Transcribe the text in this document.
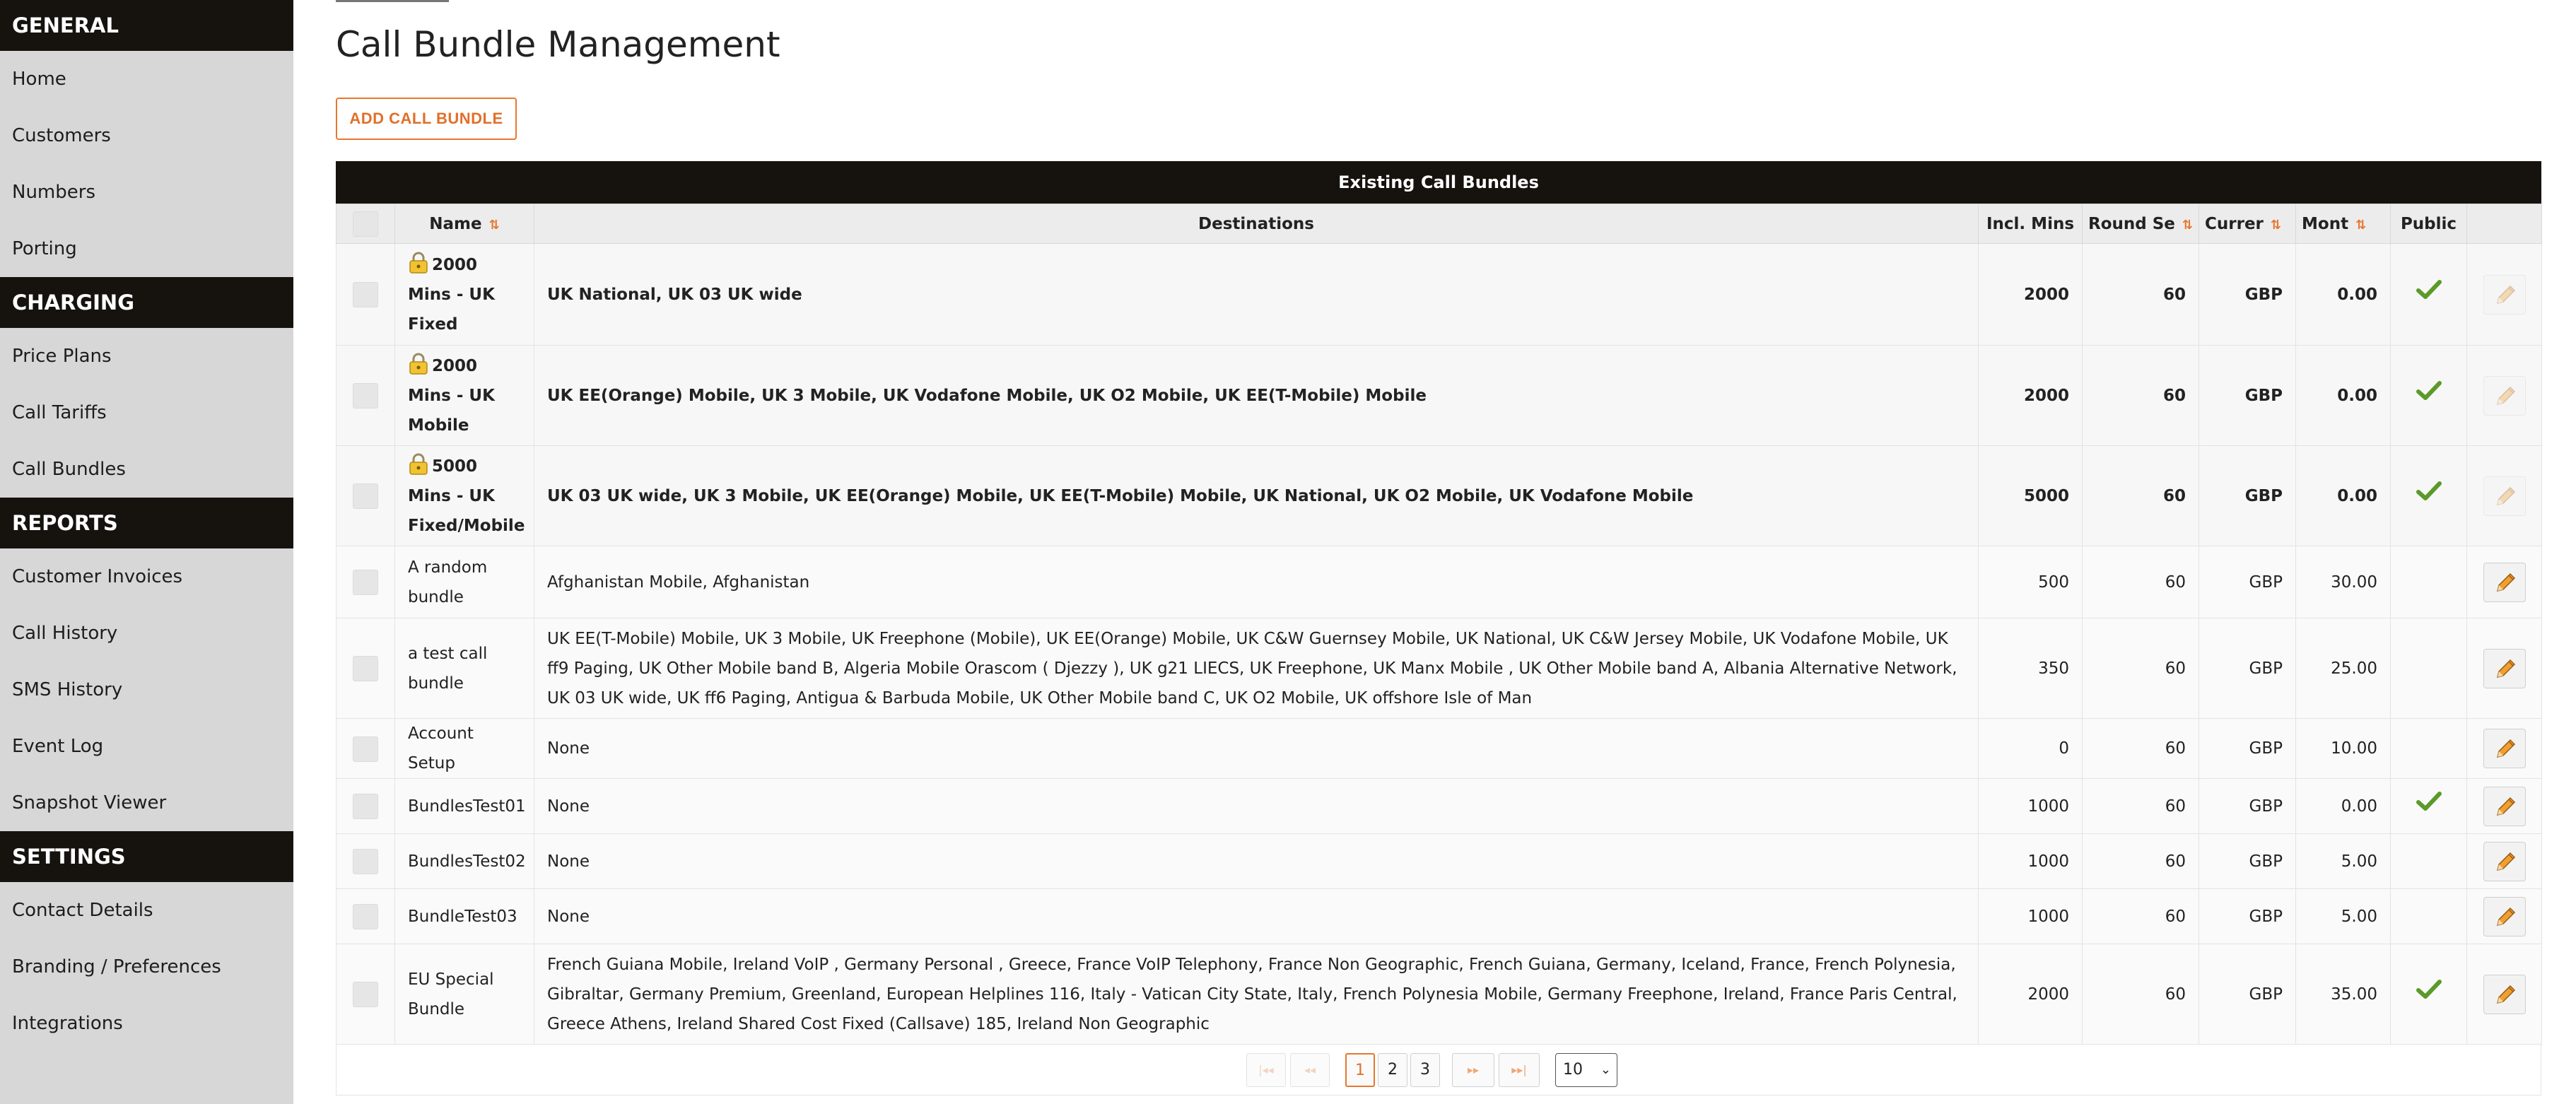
GENERAL
Home
Customers
Numbers
Porting
CHARGING
Price Plans
Call Tariffs
Call Bundles
REPORTS
Customer Invoices
Call History
SMS History
Event Log
Snapshot Viewer
SETTINGS
Contact Details
Branding / Preferences
Integrations
Call Bundle Management
ADD CALL BUNDLE
Existing Call Bundles
	Name ⇅	Destinations	Incl. Mins	Round Se ⇅	Currer ⇅	Mont ⇅	Public	
	2000 Mins - UK Fixed	UK National, UK 03 UK wide	2000	60	GBP	0.00		

	2000 Mins - UK Mobile	UK EE(Orange) Mobile, UK 3 Mobile, UK Vodafone Mobile, UK O2 Mobile, UK EE(T-Mobile) Mobile	2000	60	GBP	0.00		

	5000 Mins - UK Fixed/Mobile	UK 03 UK wide, UK 3 Mobile, UK EE(Orange) Mobile, UK EE(T-Mobile) Mobile, UK National, UK O2 Mobile, UK Vodafone Mobile	5000	60	GBP	0.00		

	A random bundle	Afghanistan Mobile, Afghanistan	500	60	GBP	30.00		

	a test call bundle	UK EE(T-Mobile) Mobile, UK 3 Mobile, UK Freephone (Mobile), UK EE(Orange) Mobile, UK C&W Guernsey Mobile, UK National, UK C&W Jersey Mobile, UK Vodafone Mobile, UK ff9 Paging, UK Other Mobile band B, Algeria Mobile Orascom ( Djezzy ), UK g21 LIECS, UK Freephone, UK Manx Mobile , UK Other Mobile band A, Albania Alternative Network, UK 03 UK wide, UK ff6 Paging, Antigua & Barbuda Mobile, UK Other Mobile band C, UK O2 Mobile, UK offshore Isle of Man	350	60	GBP	25.00		

	Account Setup	None	0	60	GBP	10.00		

	BundlesTest01	None	1000	60	GBP	0.00		

	BundlesTest02	None	1000	60	GBP	5.00		

	BundleTest03	None	1000	60	GBP	5.00		

	EU Special Bundle	French Guiana Mobile, Ireland VoIP , Germany Personal , Greece, France VoIP Telephony, France Non Geographic, French Guiana, Germany, Iceland, France, French Polynesia, Gibraltar, Germany Premium, Greenland, European Helplines 116, Italy - Vatican City State, Italy, French Polynesia Mobile, Germany Freephone, Ireland, France Paris Central, Greece Athens, Ireland Shared Cost Fixed (Callsave) 185, Ireland Non Geographic	2000	60	GBP	35.00		
|◂◂	◂◂	1	2	3	▸▸	▸▸|	10 ⌄
